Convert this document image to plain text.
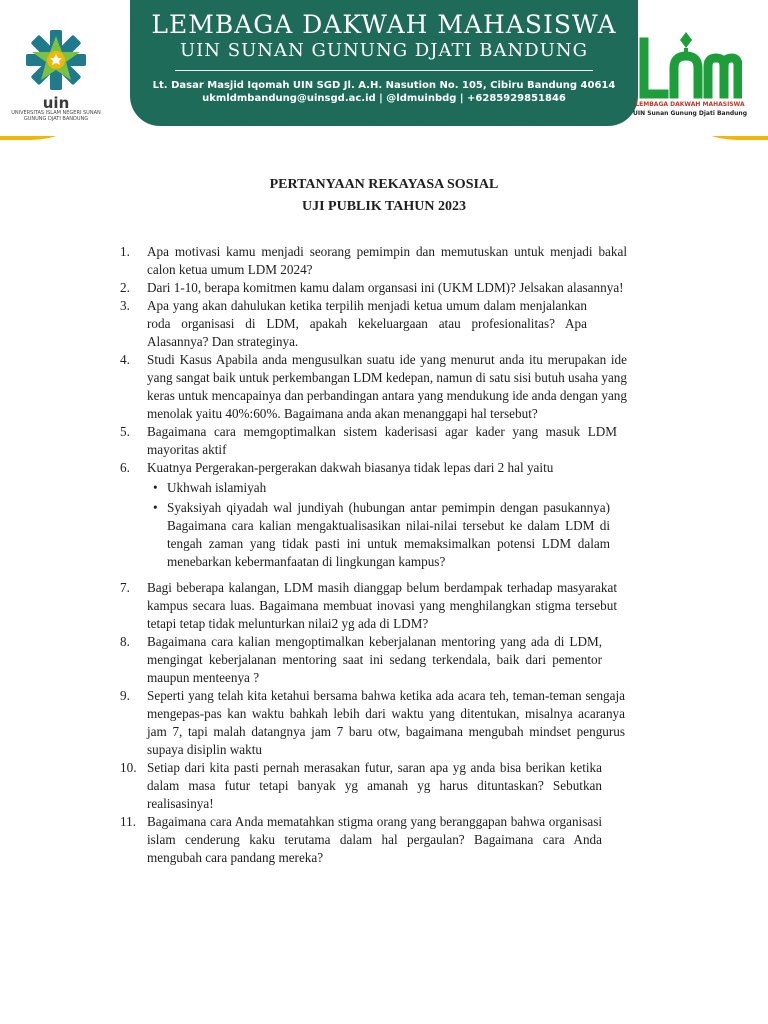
uin
UNIVERSITAS ISLAM NEGERI SUNAN GUNUNG DJATI BANDUNG
LEMBAGA DAKWAH MAHASISWA
UIN SUNAN GUNUNG DJATI BANDUNG
Lt. Dasar Masjid Iqomah UIN SGD Jl. A.H. Nasution No. 105, Cibiru Bandung 40614
ukmldmbandung@uinsgd.ac.id | @ldmuinbdg | +6285929851846
LEMBAGA DAKWAH MAHASISWA
UIN Sunan Gunung Djati Bandung
PERTANYAAN REKAYASA SOSIAL
UJI PUBLIK TAHUN 2023
1.	Apa motivasi kamu menjadi seorang pemimpin dan memutuskan untuk menjadi bakal calon ketua umum LDM 2024?
2.	Dari 1-10, berapa komitmen kamu dalam organsasi ini (UKM LDM)? Jelsakan alasannya!
3.	Apa yang akan dahulukan ketika terpilih menjadi ketua umum dalam menjalankan roda organisasi di LDM, apakah kekeluargaan atau profesionalitas? Apa Alasannya? Dan strateginya.
4.	Studi Kasus Apabila anda mengusulkan suatu ide yang menurut anda itu merupakan ide yang sangat baik untuk perkembangan LDM kedepan, namun di satu sisi butuh usaha yang keras untuk mencapainya dan perbandingan antara yang mendukung ide anda dengan yang menolak yaitu 40%:60%. Bagaimana anda akan menanggapi hal tersebut?
5.	Bagaimana cara memgoptimalkan sistem kaderisasi agar kader yang masuk LDM mayoritas aktif
6.	Kuatnya Pergerakan-pergerakan dakwah biasanya tidak lepas dari 2 hal yaitu
• Ukhwah islamiyah
• Syaksiyah qiyadah wal jundiyah (hubungan antar pemimpin dengan pasukannya) Bagaimana cara kalian mengaktualisasikan nilai-nilai tersebut ke dalam LDM di tengah zaman yang tidak pasti ini untuk memaksimalkan potensi LDM dalam menebarkan kebermanfaatan di lingkungan kampus?
7.	Bagi beberapa kalangan, LDM masih dianggap belum berdampak terhadap masyarakat kampus secara luas. Bagaimana membuat inovasi yang menghilangkan stigma tersebut tetapi tetap tidak melunturkan nilai2 yg ada di LDM?
8.	Bagaimana cara kalian mengoptimalkan keberjalanan mentoring yang ada di LDM, mengingat keberjalanan mentoring saat ini sedang terkendala, baik dari pementor maupun menteenya ?
9.	Seperti yang telah kita ketahui bersama bahwa ketika ada acara teh, teman-teman sengaja mengepas-pas kan waktu bahkah lebih dari waktu yang ditentukan, misalnya acaranya jam 7, tapi malah datangnya jam 7 baru otw, bagaimana mengubah mindset pengurus supaya disiplin waktu
10. Setiap dari kita pasti pernah merasakan futur, saran apa yg anda bisa berikan ketika dalam masa futur tetapi banyak yg amanah yg harus dituntaskan? Sebutkan realisasinya!
11. Bagaimana cara Anda mematahkan stigma orang yang beranggapan bahwa organisasi islam cenderung kaku terutama dalam hal pergaulan? Bagaimana cara Anda mengubah cara pandang mereka?
